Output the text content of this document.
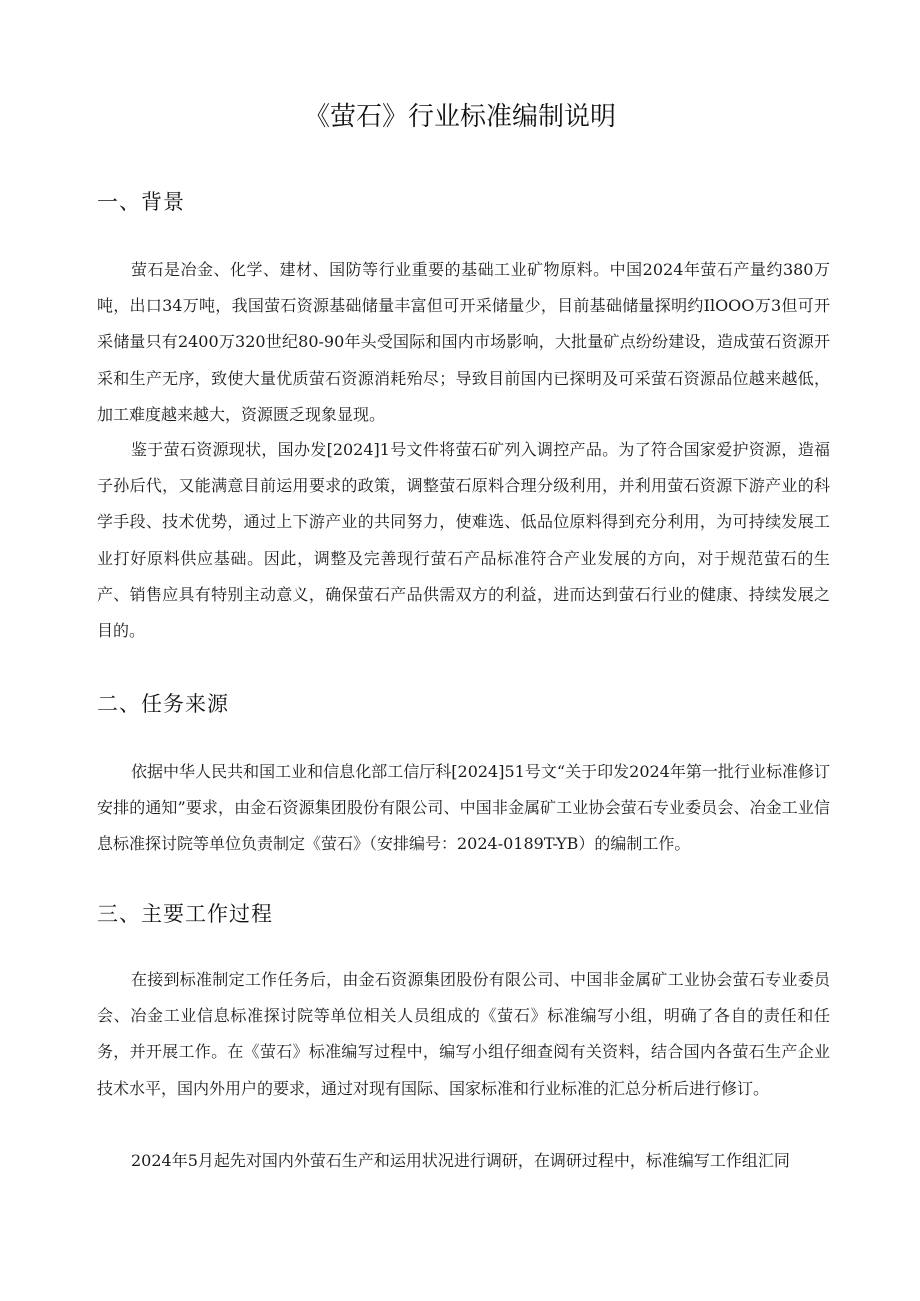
《萤石》行业标准编制说明
一、背景

萤石是冶金、化学、建材、国防等行业重要的基础工业矿物原料。中国2024年萤石产量约380万吨，出口34万吨，我国萤石资源基础储量丰富但可开采储量少，目前基础储量探明约IlOOO万3但可开采储量只有2400万320世纪80-90年头受国际和国内市场影响，大批量矿点纷纷建设，造成萤石资源开采和生产无序，致使大量优质萤石资源消耗殆尽；导致目前国内已探明及可采萤石资源品位越来越低，加工难度越来越大，资源匮乏现象显现。

鉴于萤石资源现状，国办发[2024]1号文件将萤石矿列入调控产品。为了符合国家爱护资源，造福子孙后代，又能满意目前运用要求的政策，调整萤石原料合理分级利用，并利用萤石资源下游产业的科学手段、技术优势，通过上下游产业的共同努力，使难选、低品位原料得到充分利用，为可持续发展工业打好原料供应基础。因此，调整及完善现行萤石产品标准符合产业发展的方向，对于规范萤石的生产、销售应具有特别主动意义，确保萤石产品供需双方的利益，进而达到萤石行业的健康、持续发展之目的。

二、任务来源

依据中华人民共和国工业和信息化部工信厅科[2024]51号文“关于印发2024年第一批行业标准修订安排的通知”要求，由金石资源集团股份有限公司、中国非金属矿工业协会萤石专业委员会、冶金工业信息标准探讨院等单位负责制定《萤石》（安排编号：2024-0189T-YB）的编制工作。

三、主要工作过程

在接到标准制定工作任务后，由金石资源集团股份有限公司、中国非金属矿工业协会萤石专业委员会、冶金工业信息标准探讨院等单位相关人员组成的《萤石》标准编写小组，明确了各自的责任和任务，并开展工作。在《萤石》标准编写过程中，编写小组仔细查阅有关资料，结合国内各萤石生产企业技术水平，国内外用户的要求，通过对现有国际、国家标准和行业标准的汇总分析后进行修订。

2024年5月起先对国内外萤石生产和运用状况进行调研，在调研过程中，标准编写工作组汇同
